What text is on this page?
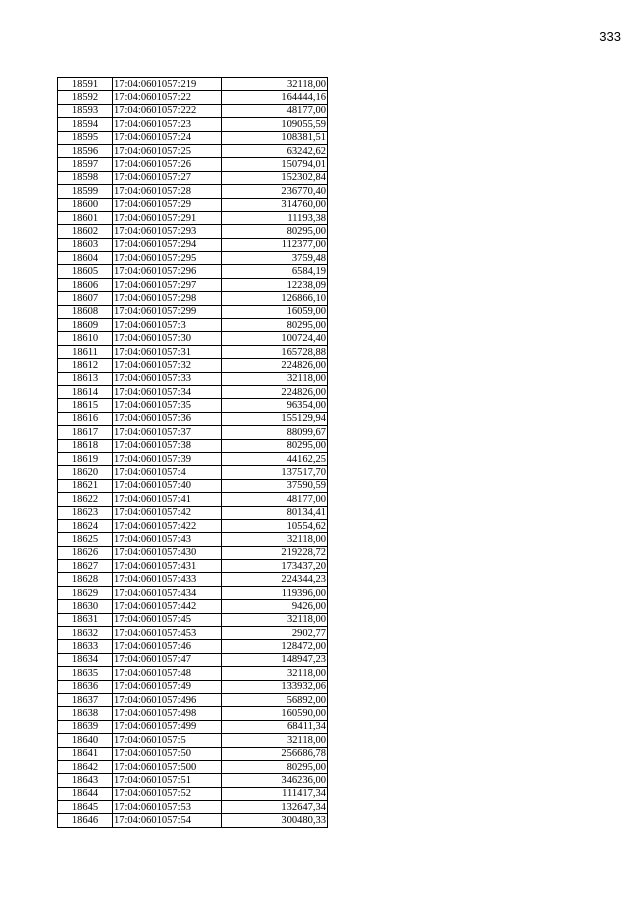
333
18591	17:04:0601057:219	32118,00
18592	17:04:0601057:22	164444,16
18593	17:04:0601057:222	48177,00
18594	17:04:0601057:23	109055,59
18595	17:04:0601057:24	108381,51
18596	17:04:0601057:25	63242,62
18597	17:04:0601057:26	150794,01
18598	17:04:0601057:27	152302,84
18599	17:04:0601057:28	236770,40
18600	17:04:0601057:29	314760,00
18601	17:04:0601057:291	11193,38
18602	17:04:0601057:293	80295,00
18603	17:04:0601057:294	112377,00
18604	17:04:0601057:295	3759,48
18605	17:04:0601057:296	6584,19
18606	17:04:0601057:297	12238,09
18607	17:04:0601057:298	126866,10
18608	17:04:0601057:299	16059,00
18609	17:04:0601057:3	80295,00
18610	17:04:0601057:30	100724,40
18611	17:04:0601057:31	165728,88
18612	17:04:0601057:32	224826,00
18613	17:04:0601057:33	32118,00
18614	17:04:0601057:34	224826,00
18615	17:04:0601057:35	96354,00
18616	17:04:0601057:36	155129,94
18617	17:04:0601057:37	88099,67
18618	17:04:0601057:38	80295,00
18619	17:04:0601057:39	44162,25
18620	17:04:0601057:4	137517,70
18621	17:04:0601057:40	37590,59
18622	17:04:0601057:41	48177,00
18623	17:04:0601057:42	80134,41
18624	17:04:0601057:422	10554,62
18625	17:04:0601057:43	32118,00
18626	17:04:0601057:430	219228,72
18627	17:04:0601057:431	173437,20
18628	17:04:0601057:433	224344,23
18629	17:04:0601057:434	119396,00
18630	17:04:0601057:442	9426,00
18631	17:04:0601057:45	32118,00
18632	17:04:0601057:453	2902,77
18633	17:04:0601057:46	128472,00
18634	17:04:0601057:47	148947,23
18635	17:04:0601057:48	32118,00
18636	17:04:0601057:49	133932,06
18637	17:04:0601057:496	56892,00
18638	17:04:0601057:498	160590,00
18639	17:04:0601057:499	68411,34
18640	17:04:0601057:5	32118,00
18641	17:04:0601057:50	256686,78
18642	17:04:0601057:500	80295,00
18643	17:04:0601057:51	346236,00
18644	17:04:0601057:52	111417,34
18645	17:04:0601057:53	132647,34
18646	17:04:0601057:54	300480,33
